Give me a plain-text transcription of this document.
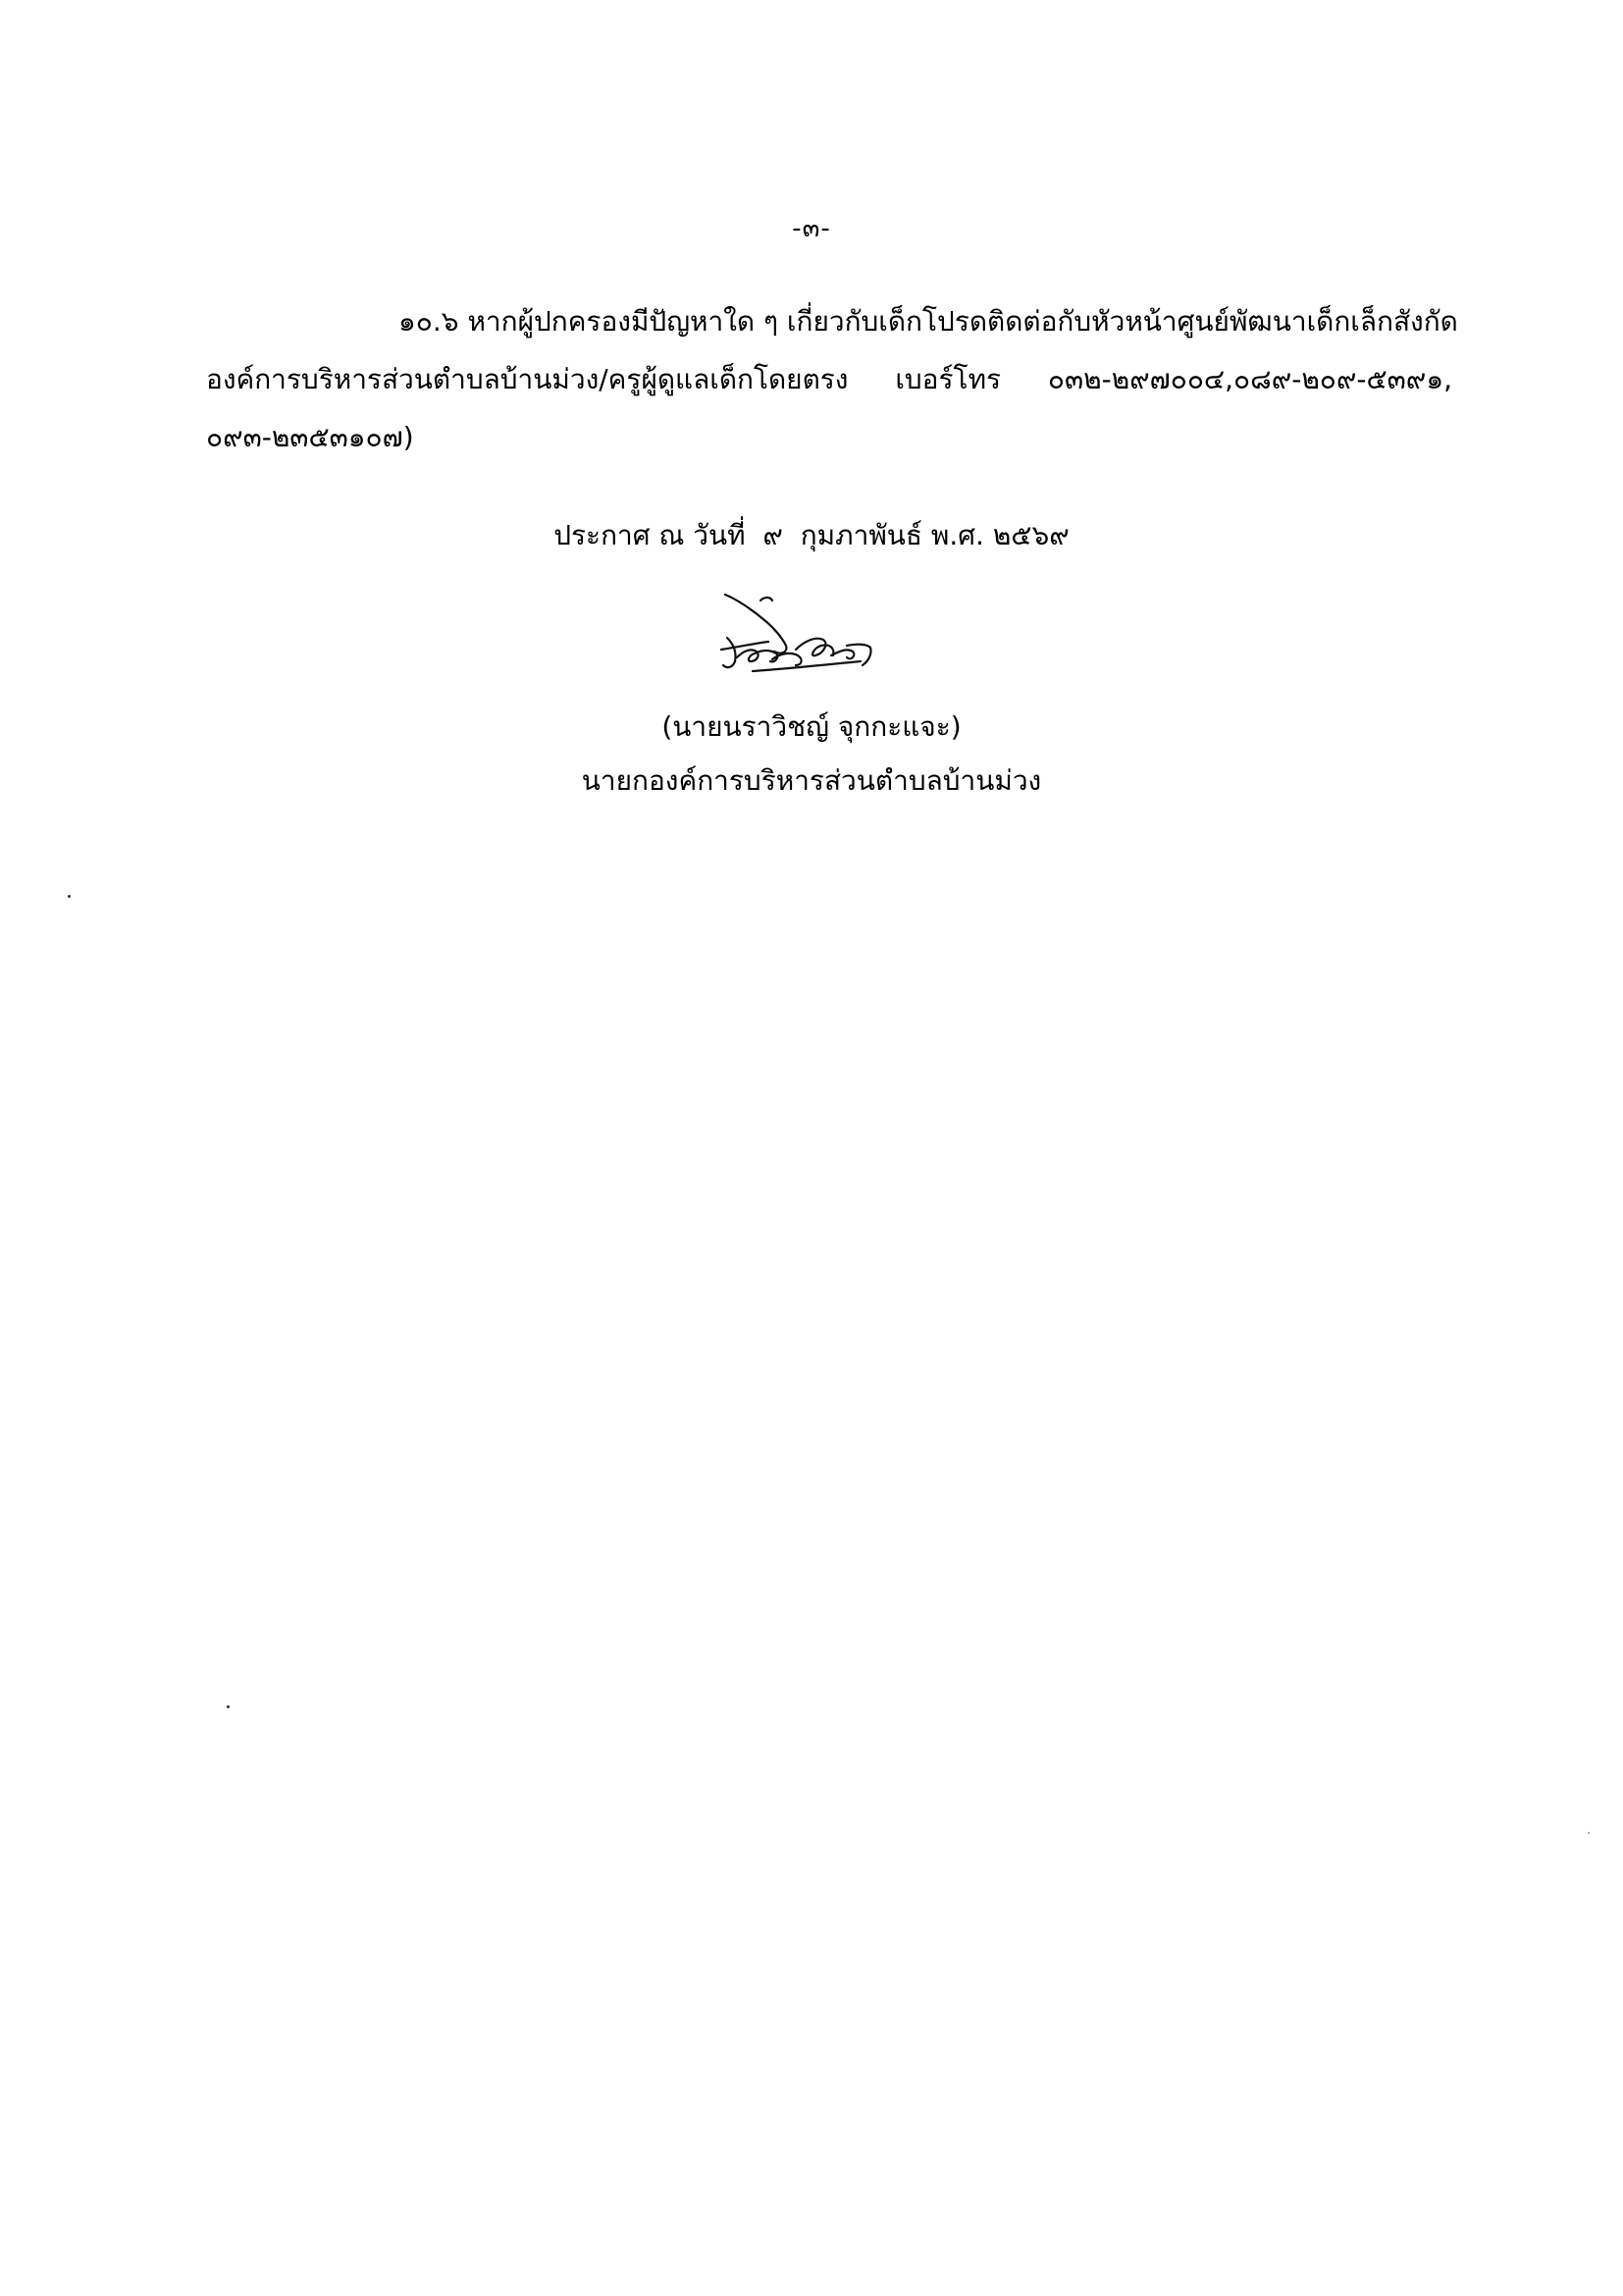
-๓-
๑๐.๖ หากผู้ปกครองมีปัญหาใด ๆ เกี่ยวกับเด็กโปรดติดต่อกับหัวหน้าศูนย์พัฒนาเด็กเล็กสังกัด
องค์การบริหารส่วนตำบลบ้านม่วง/ครูผู้ดูแลเด็กโดยตรง เบอร์โทร ๐๓๒-๒๙๗๐๐๔,๐๘๙-๒๐๙-๕๓๙๑,
๐๙๓-๒๓๕๓๑๐๗)
ประกาศ ณ วันที่  ๙  กุมภาพันธ์ พ.ศ. ๒๕๖๙
(นายนราวิชญ์ จุกกะแจะ)
นายกองค์การบริหารส่วนตำบลบ้านม่วง
